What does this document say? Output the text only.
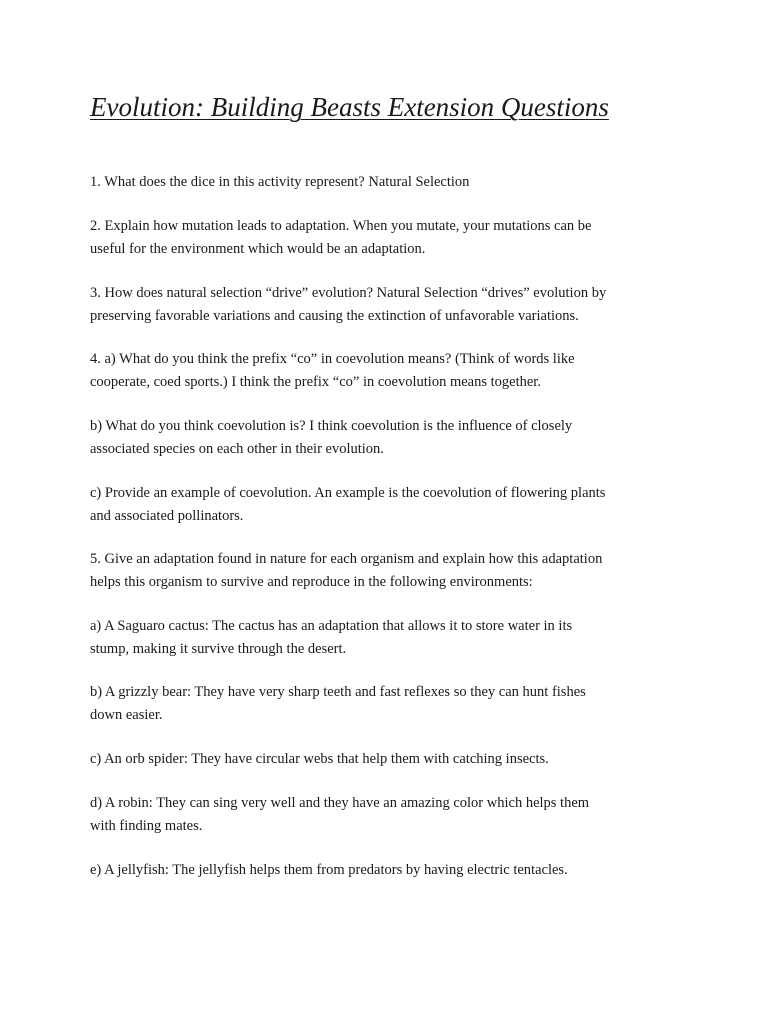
Evolution: Building Beasts Extension Questions

1. What does the dice in this activity represent? Natural Selection

2. Explain how mutation leads to adaptation. When you mutate, your mutations can be
useful for the environment which would be an adaptation.

3. How does natural selection “drive” evolution? Natural Selection “drives” evolution by
preserving favorable variations and causing the extinction of unfavorable variations.

4. a) What do you think the prefix “co” in coevolution means? (Think of words like
cooperate, coed sports.) I think the prefix “co” in coevolution means together.

b) What do you think coevolution is? I think coevolution is the influence of closely
associated species on each other in their evolution.

c) Provide an example of coevolution. An example is the coevolution of flowering plants
and associated pollinators.

5. Give an adaptation found in nature for each organism and explain how this adaptation
helps this organism to survive and reproduce in the following environments:

a) A Saguaro cactus: The cactus has an adaptation that allows it to store water in its
stump, making it survive through the desert.

b) A grizzly bear: They have very sharp teeth and fast reflexes so they can hunt fishes
down easier.

c) An orb spider: They have circular webs that help them with catching insects.

d) A robin: They can sing very well and they have an amazing color which helps them
with finding mates.

e) A jellyfish: The jellyfish helps them from predators by having electric tentacles.
